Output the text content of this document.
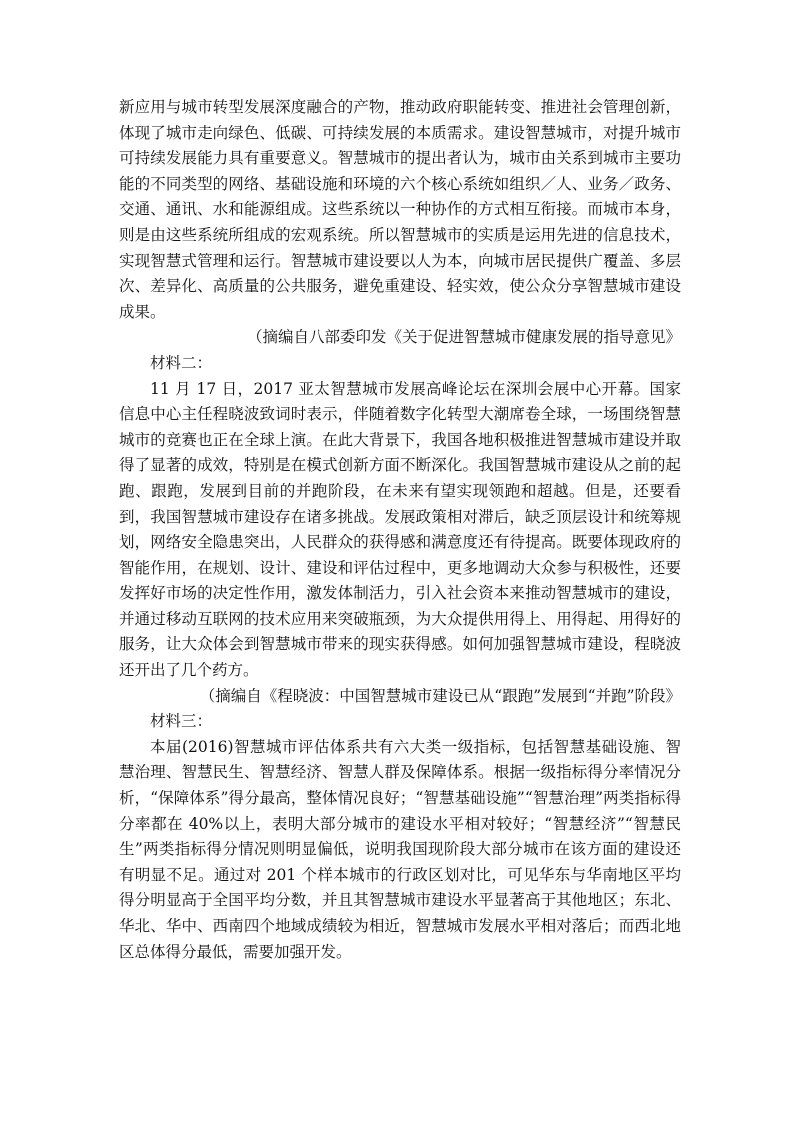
新应用与城市转型发展深度融合的产物，推动政府职能转变、推进社会管理创新，体现了城市走向绿色、低碳、可持续发展的本质需求。建设智慧城市，对提升城市可持续发展能力具有重要意义。智慧城市的提出者认为，城市由关系到城市主要功能的不同类型的网络、基础设施和环境的六个核心系统如组织／人、业务／政务、交通、通讯、水和能源组成。这些系统以一种协作的方式相互衔接。而城市本身，则是由这些系统所组成的宏观系统。所以智慧城市的实质是运用先进的信息技术，实现智慧式管理和运行。智慧城市建设要以人为本，向城市居民提供广覆盖、多层次、差异化、高质量的公共服务，避免重建设、轻实效，使公众分享智慧城市建设成果。

（摘编自八部委印发《关于促进智慧城市健康发展的指导意见》

材料二：

11 月 17 日，2017 亚太智慧城市发展高峰论坛在深圳会展中心开幕。国家信息中心主任程晓波致词时表示，伴随着数字化转型大潮席卷全球，一场围绕智慧城市的竞赛也正在全球上演。在此大背景下，我国各地积极推进智慧城市建设并取得了显著的成效，特别是在模式创新方面不断深化。我国智慧城市建设从之前的起跑、跟跑，发展到目前的并跑阶段，在未来有望实现领跑和超越。但是，还要看到，我国智慧城市建设存在诸多挑战。发展政策相对滞后，缺乏顶层设计和统筹规划，网络安全隐患突出，人民群众的获得感和满意度还有待提高。既要体现政府的智能作用，在规划、设计、建设和评估过程中，更多地调动大众参与积极性，还要发挥好市场的决定性作用，激发体制活力，引入社会资本来推动智慧城市的建设，并通过移动互联网的技术应用来突破瓶颈，为大众提供用得上、用得起、用得好的服务，让大众体会到智慧城市带来的现实获得感。如何加强智慧城市建设，程晓波还开出了几个药方。

（摘编自《程晓波：中国智慧城市建设已从“跟跑”发展到“并跑”阶段》

材料三：

本届(2016)智慧城市评估体系共有六大类一级指标，包括智慧基础设施、智慧治理、智慧民生、智慧经济、智慧人群及保障体系。根据一级指标得分率情况分析，“保障体系”得分最高，整体情况良好；“智慧基础设施”“智慧治理”两类指标得分率都在 40%以上，表明大部分城市的建设水平相对较好；“智慧经济”“智慧民生”两类指标得分情况则明显偏低，说明我国现阶段大部分城市在该方面的建设还有明显不足。通过对 201 个样本城市的行政区划对比，可见华东与华南地区平均得分明显高于全国平均分数，并且其智慧城市建设水平显著高于其他地区；东北、华北、华中、西南四个地域成绩较为相近，智慧城市发展水平相对落后；而西北地区总体得分最低，需要加强开发。
